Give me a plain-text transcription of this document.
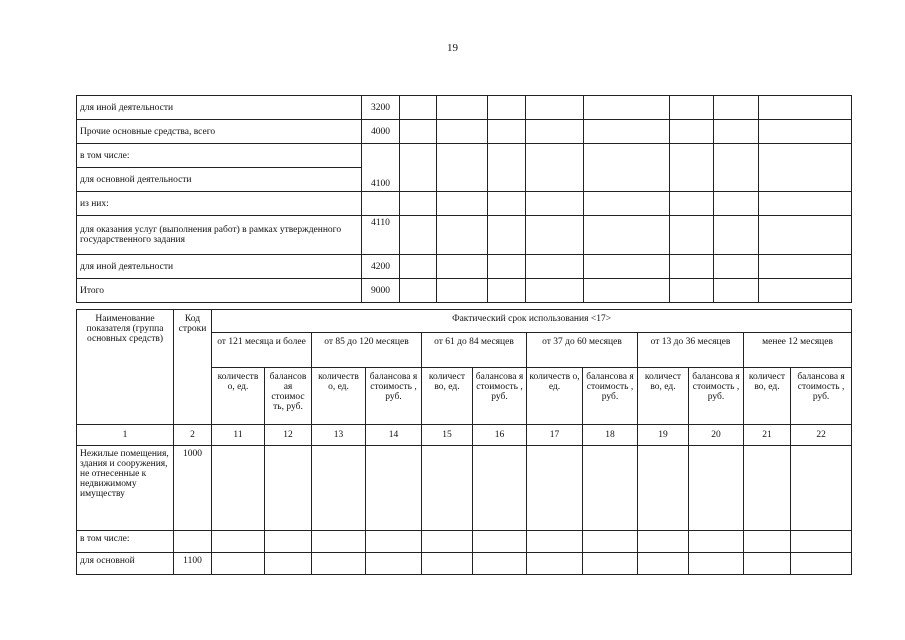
19
для иной деятельности	3200								
Прочие основные средства, всего	4000								
в том числе:	4100								
для основной деятельности									
из них:									
для оказания услуг (выполнения работ) в рамках утвержденного государственного задания	4110								
для иной деятельности	4200								
Итого	9000								
Наименование показателя (группа основных средств)	Код строки	Фактический срок использования <17>											
		от 121 месяца и более		от 85 до 120 месяцев		от 61 до 84 месяцев		от 37 до 60 месяцев		от 13 до 36 месяцев		менее 12 месяцев	
		количеств о, ед.	балансов ая стоимос ть, руб.	количеств о, ед.	балансова я стоимость , руб.	количест во, ед.	балансова я стоимость , руб.	количеств о, ед.	балансова я стоимость , руб.	количест во, ед.	балансова я стоимость , руб.	количест во, ед.	балансова я стоимость , руб.
1	2	11	12	13	14	15	16	17	18	19	20	21	22
Нежилые помещения, здания и сооружения, не отнесенные к недвижимому имуществу	1000												
в том числе:													
для основной	1100												
